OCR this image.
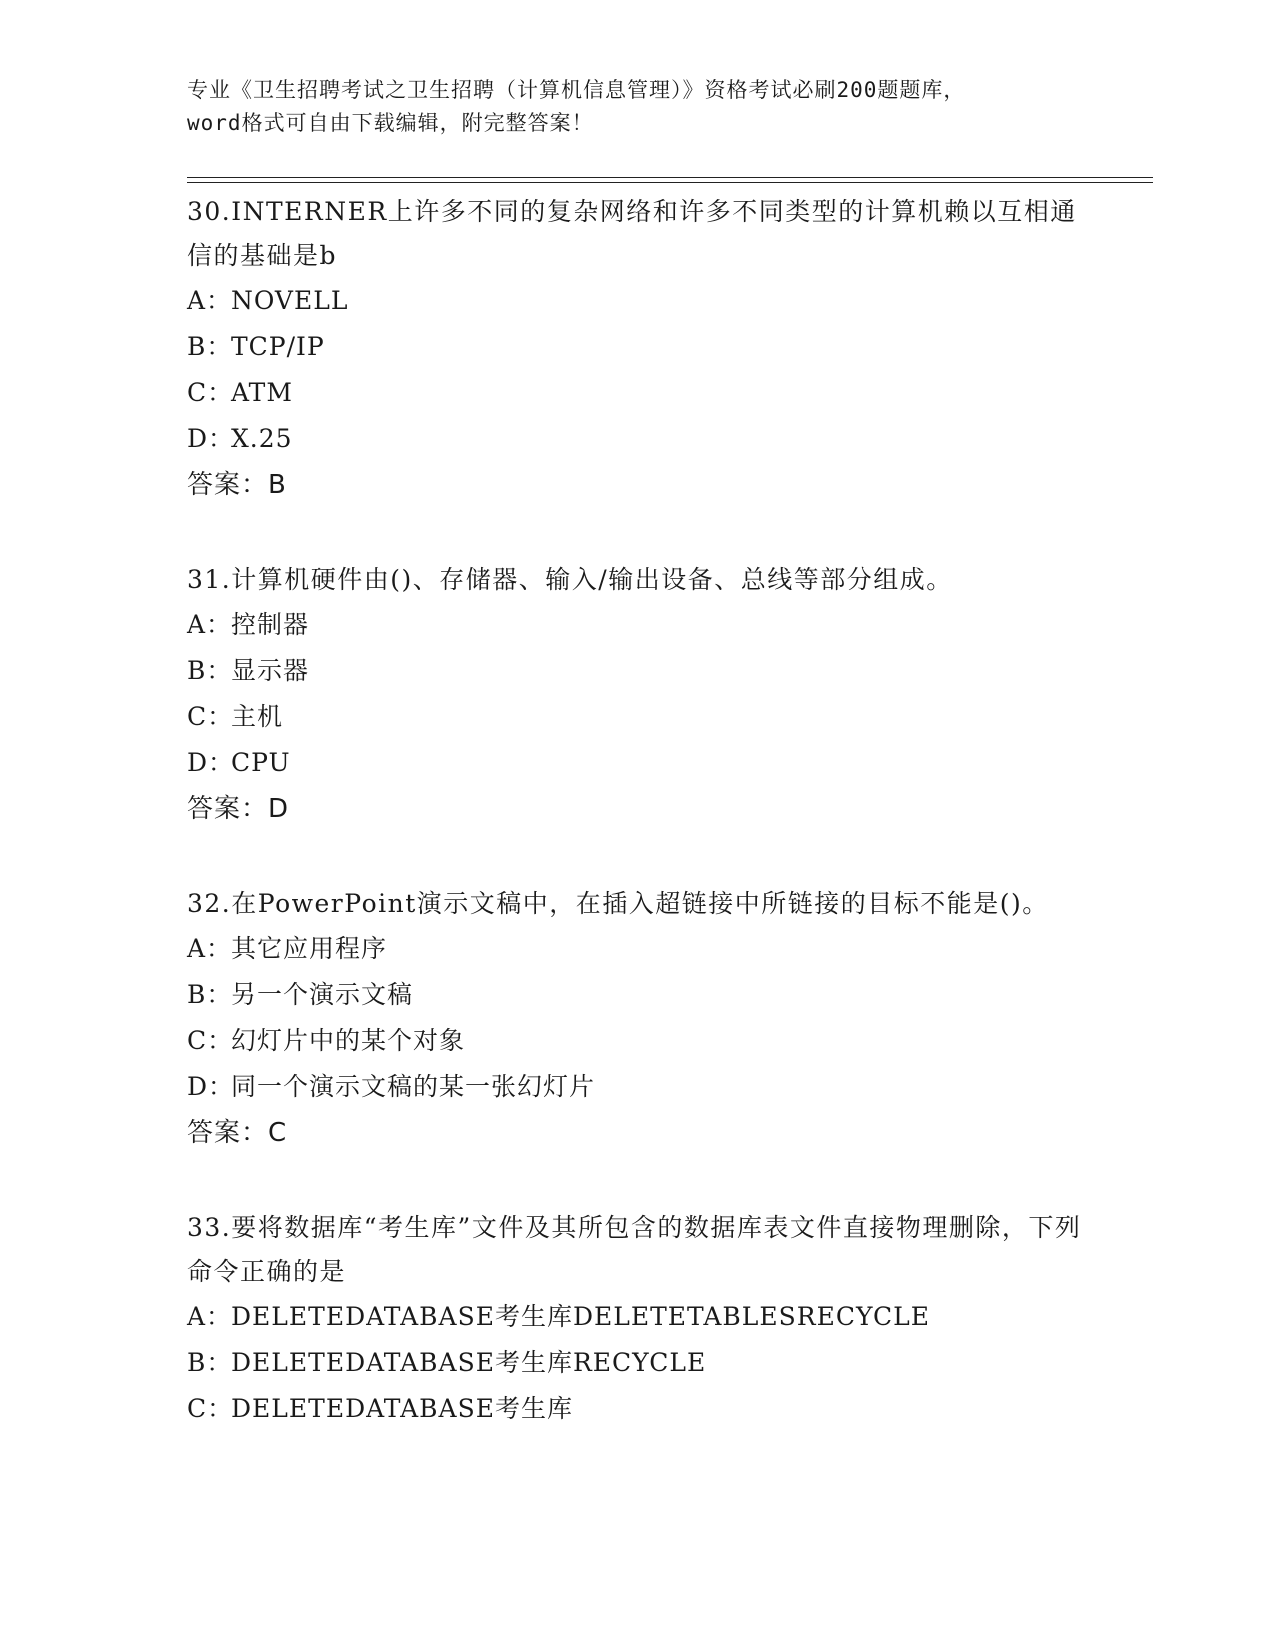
专业《卫生招聘考试之卫生招聘（计算机信息管理）》资格考试必刷200题题库，
word格式可自由下载编辑，附完整答案！

30.INTERNER上许多不同的复杂网络和许多不同类型的计算机赖以互相通信的基础是b

A：NOVELL

B：TCP/IP

C：ATM

D：X.25

答案：B

31.计算机硬件由()、存储器、输入/输出设备、总线等部分组成。

A：控制器

B：显示器

C：主机

D：CPU

答案：D

32.在PowerPoint演示文稿中，在插入超链接中所链接的目标不能是()。

A：其它应用程序

B：另一个演示文稿

C：幻灯片中的某个对象

D：同一个演示文稿的某一张幻灯片

答案：C

33.要将数据库“考生库”文件及其所包含的数据库表文件直接物理删除，下列命令正确的是

A：DELETEDATABASE考生库DELETETABLESRECYCLE

B：DELETEDATABASE考生库RECYCLE

C：DELETEDATABASE考生库
